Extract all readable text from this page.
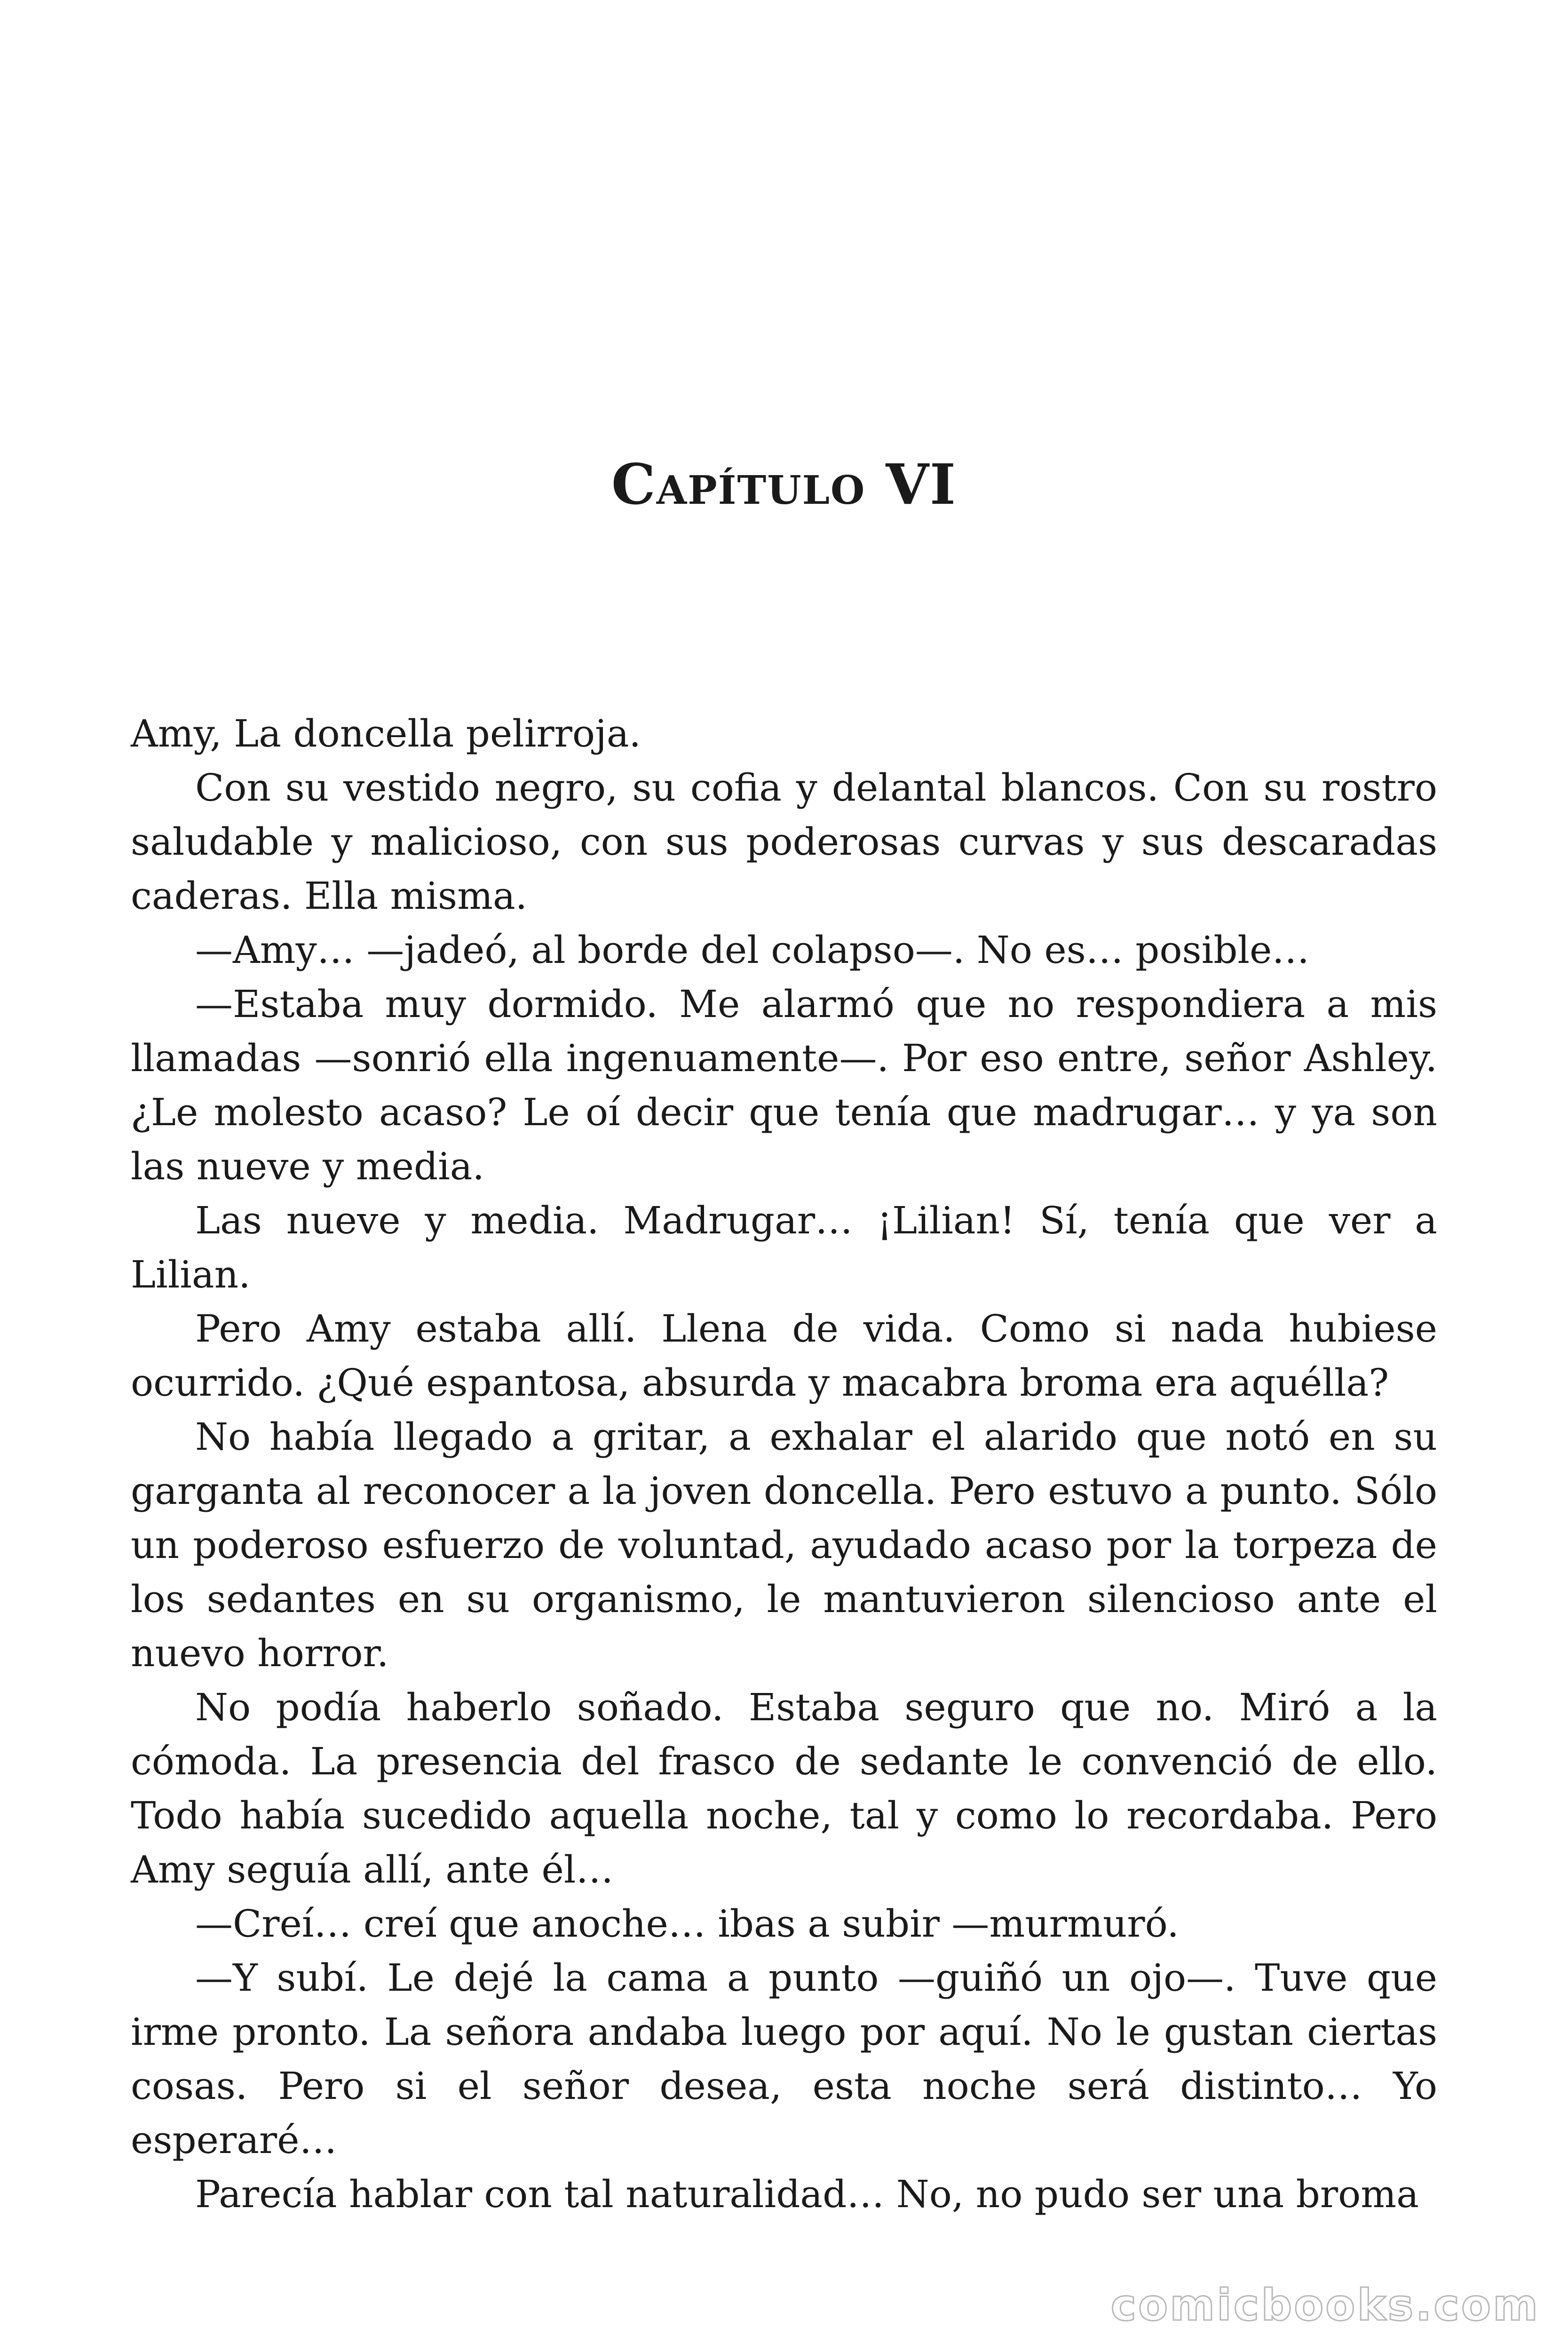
Capítulo VI

Amy, La doncella pelirroja.

Con su vestido negro, su cofia y delantal blancos. Con su rostro saludable y malicioso, con sus poderosas curvas y sus descaradas caderas. Ella misma.

—Amy… —jadeó, al borde del colapso—. No es… posible…

—Estaba muy dormido. Me alarmó que no respondiera a mis llamadas —sonrió ella ingenuamente—. Por eso entre, señor Ashley. ¿Le molesto acaso? Le oí decir que tenía que madrugar… y ya son las nueve y media.

Las nueve y media. Madrugar… ¡Lilian! Sí, tenía que ver a Lilian.

Pero Amy estaba allí. Llena de vida. Como si nada hubiese ocurrido. ¿Qué espantosa, absurda y macabra broma era aquélla?

No había llegado a gritar, a exhalar el alarido que notó en su garganta al reconocer a la joven doncella. Pero estuvo a punto. Sólo un poderoso esfuerzo de voluntad, ayudado acaso por la torpeza de los sedantes en su organismo, le mantuvieron silencioso ante el nuevo horror.

No podía haberlo soñado. Estaba seguro que no. Miró a la cómoda. La presencia del frasco de sedante le convenció de ello. Todo había sucedido aquella noche, tal y como lo recordaba. Pero Amy seguía allí, ante él…

—Creí… creí que anoche… ibas a subir —murmuró.

—Y subí. Le dejé la cama a punto —guiñó un ojo—. Tuve que irme pronto. La señora andaba luego por aquí. No le gustan ciertas cosas. Pero si el señor desea, esta noche será distinto… Yo esperaré…

Parecía hablar con tal naturalidad… No, no pudo ser una broma

comicbooks.com
